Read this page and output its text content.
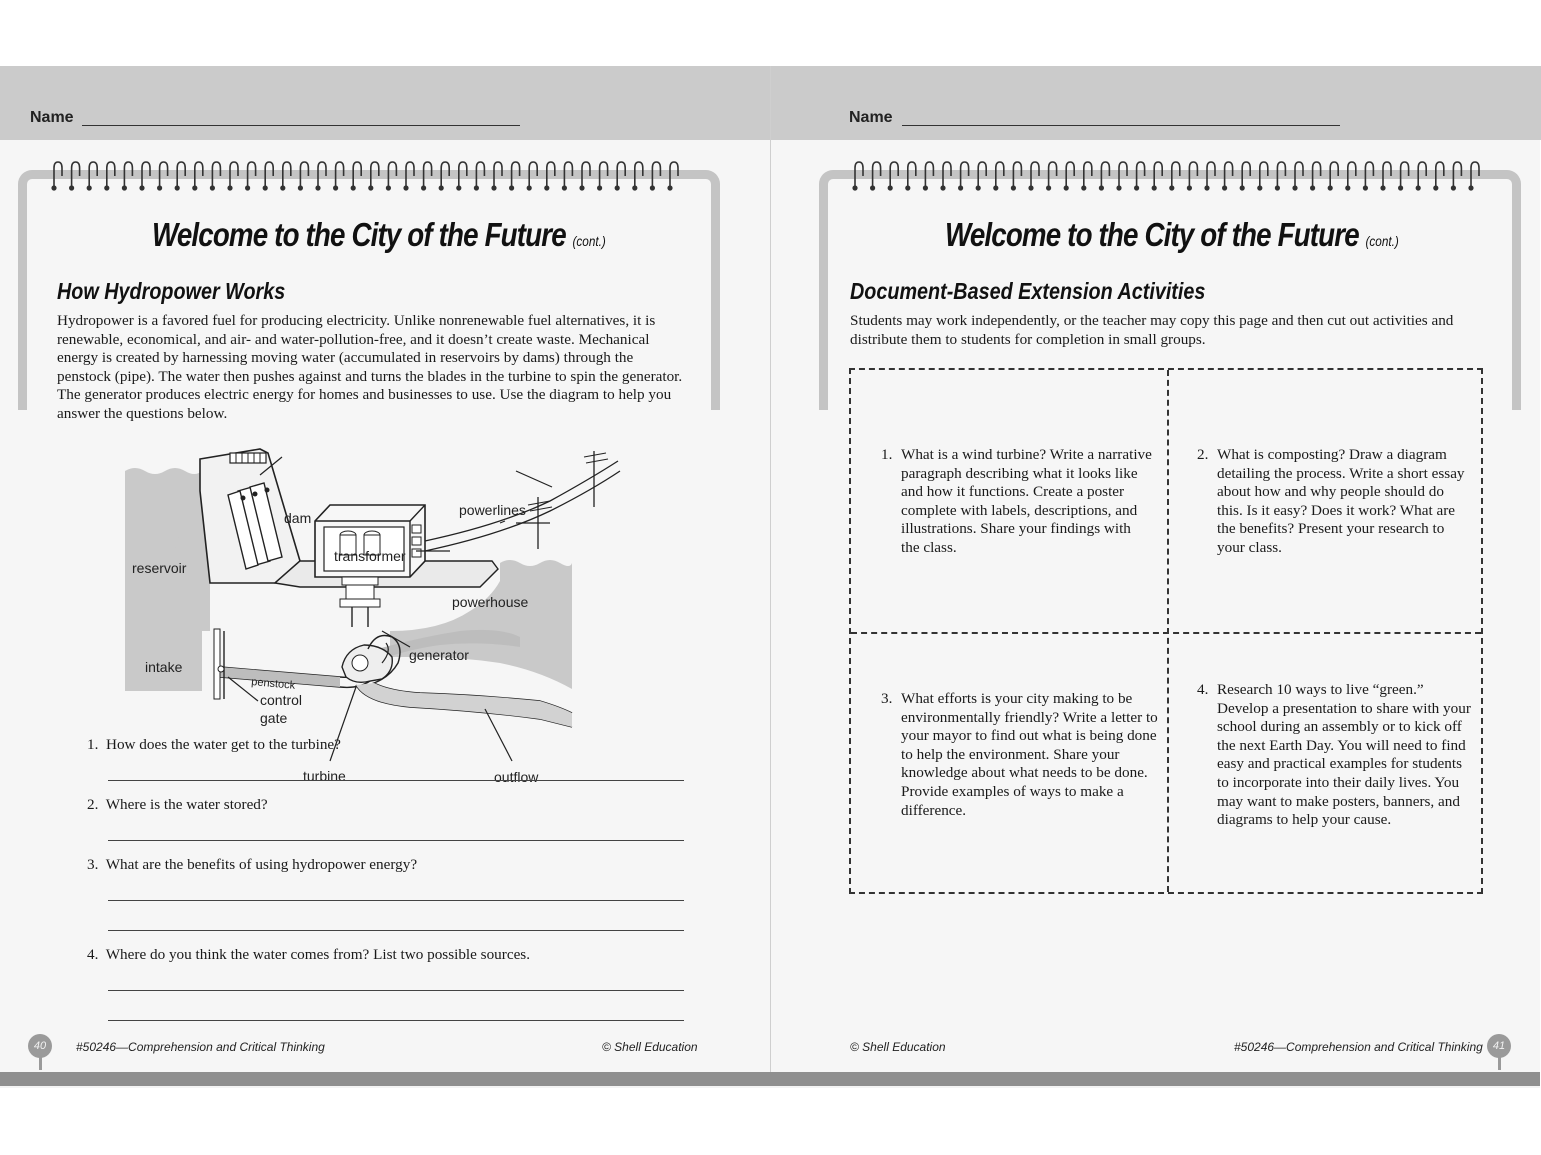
Name
Welcome to the City of the Future (cont.)
How Hydropower Works

Hydropower is a favored fuel for producing electricity. Unlike nonrenewable fuel alternatives, it is renewable, economical, and air- and water-pollution-free, and it doesn’t create waste. Mechanical energy is created by harnessing moving water (accumulated in reservoirs by dams) through the penstock (pipe). The water then pushes against and turns the blades in the turbine to spin the generator. The generator produces electric energy for homes and businesses to use. Use the diagram to help you answer the questions below.

dam	powerlines
reservoir
transformer
powerhouse
intake
generator
penstock
control
gate
turbine	outflow
1. How does the water get to the turbine?
2. Where is the water stored?
3. What are the benefits of using hydropower energy?
4. Where do you think the water comes from? List two possible sources.
40	#50246—Comprehension and Critical Thinking	© Shell Education
Name
Welcome to the City of the Future (cont.)
Document-Based Extension Activities

Students may work independently, or the teacher may copy this page and then cut out activities and distribute them to students for completion in small groups.

41
© Shell Education	#50246—Comprehension and Critical Thinking
1. What is a wind turbine? Write a narrative paragraph describing what it looks like and how it functions. Create a poster complete with labels, descriptions, and illustrations. Share your findings with the class.
2. What is composting? Draw a diagram detailing the process. Write a short essay about how and why people should do this. Is it easy? Does it work? What are the benefits? Present your research to your class.
3. What efforts is your city making to be environmentally friendly? Write a letter to your mayor to find out what is being done to help the environment. Share your knowledge about what needs to be done. Provide examples of ways to make a difference.
4. Research 10 ways to live “green.” Develop a presentation to share with your school during an assembly or to kick off the next Earth Day. You will need to find easy and practical examples for students to incorporate into their daily lives. You may want to make posters, banners, and diagrams to help your cause.
